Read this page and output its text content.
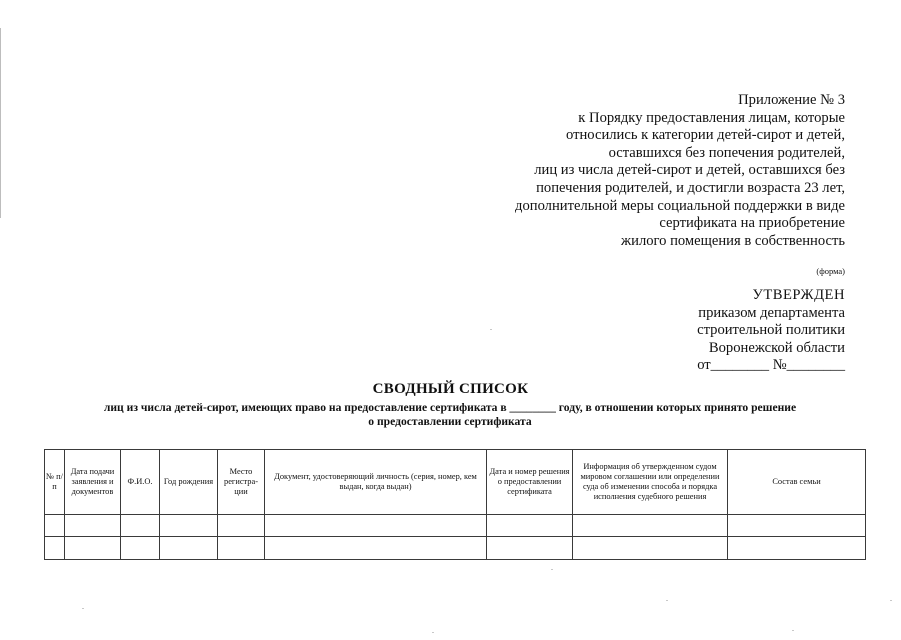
Приложение № 3
к Порядку предоставления лицам, которые
относились к категории детей-сирот и детей,
оставшихся без попечения родителей,
лиц из числа детей-сирот и детей, оставшихся без
попечения родителей, и достигли возраста 23 лет,
дополнительной меры социальной поддержки в виде
сертификата на приобретение
жилого помещения в собственность
(форма)
УТВЕРЖДЕН
приказом департамента
строительной политики
Воронежской области
от________ №________
СВОДНЫЙ СПИСОК
лиц из числа детей-сирот, имеющих право на предоставление сертификата в ________ году, в отношении которых принято решение
о предоставлении сертификата
№ п/п	Дата подачи заявления и документов	Ф.И.О.	Год рождения	Место регистра-ции	Документ, удостоверяющий личность (серия, номер, кем выдан, когда выдан)	Дата и номер решения о предоставлении сертификата	Информация об утвержденном судом мировом соглашении или определении суда об изменении способа и порядка исполнения судебного решения	Состав семьи
